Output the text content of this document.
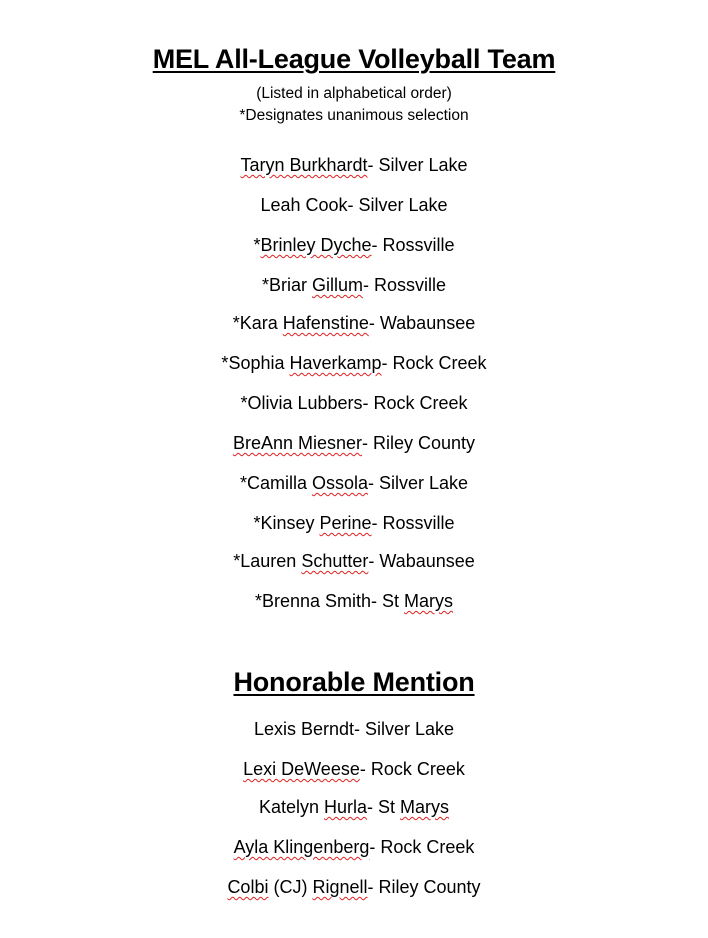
MEL All-League Volleyball Team
(Listed in alphabetical order)
*Designates unanimous selection
Taryn Burkhardt- Silver Lake
Leah Cook- Silver Lake
*Brinley Dyche- Rossville
*Briar Gillum- Rossville
*Kara Hafenstine- Wabaunsee
*Sophia Haverkamp- Rock Creek
*Olivia Lubbers- Rock Creek
BreAnn Miesner- Riley County
*Camilla Ossola- Silver Lake
*Kinsey Perine- Rossville
*Lauren Schutter- Wabaunsee
*Brenna Smith- St Marys
Honorable Mention
Lexis Berndt- Silver Lake
Lexi DeWeese- Rock Creek
Katelyn Hurla- St Marys
Ayla Klingenberg- Rock Creek
Colbi (CJ) Rignell- Riley County
